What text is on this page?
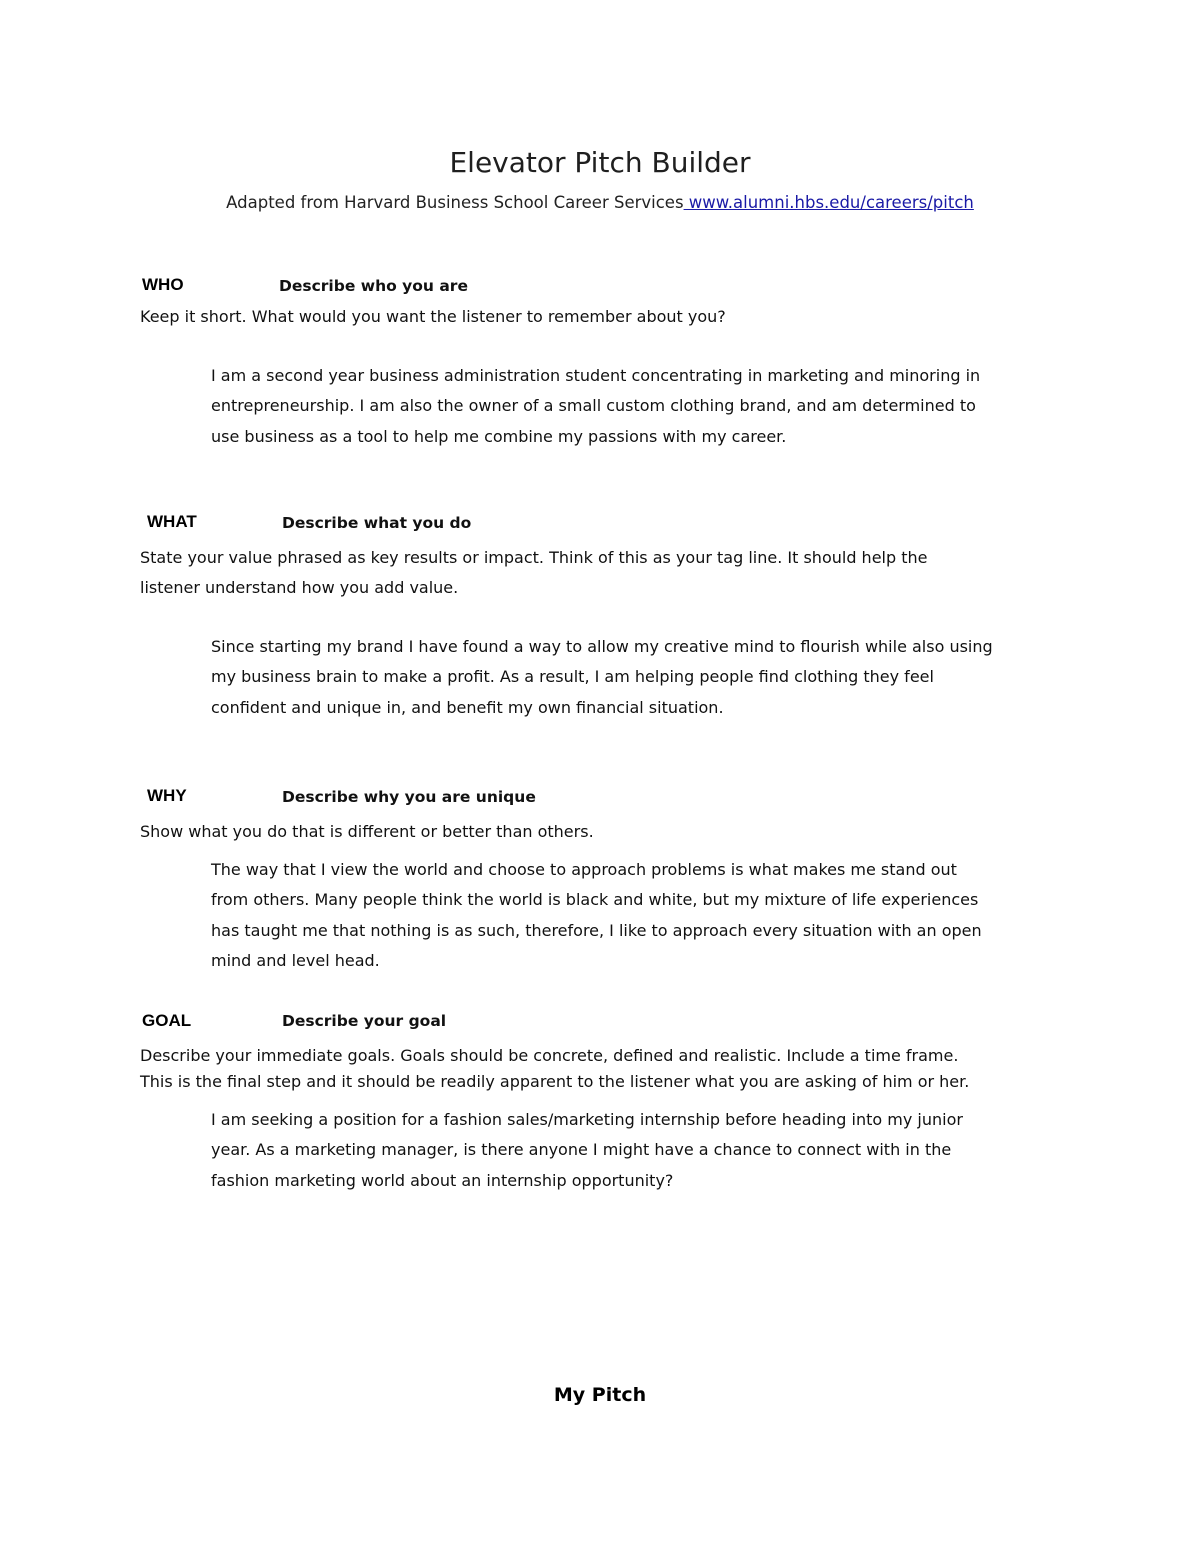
Elevator Pitch Builder
Adapted from Harvard Business School Career Services www.alumni.hbs.edu/careers/pitch
WHO	Describe who you are
Keep it short. What would you want the listener to remember about you?
I am a second year business administration student concentrating in marketing and minoring in
entrepreneurship. I am also the owner of a small custom clothing brand, and am determined to
use business as a tool to help me combine my passions with my career.
WHAT	Describe what you do
State your value phrased as key results or impact. Think of this as your tag line. It should help the
listener understand how you add value.
Since starting my brand I have found a way to allow my creative mind to flourish while also using
my business brain to make a profit. As a result, I am helping people find clothing they feel
confident and unique in, and benefit my own financial situation.
WHY	Describe why you are unique
Show what you do that is different or better than others.
The way that I view the world and choose to approach problems is what makes me stand out
from others. Many people think the world is black and white, but my mixture of life experiences
has taught me that nothing is as such, therefore, I like to approach every situation with an open
mind and level head.
GOAL	Describe your goal
Describe your immediate goals. Goals should be concrete, defined and realistic. Include a time frame.
This is the final step and it should be readily apparent to the listener what you are asking of him or her.
I am seeking a position for a fashion sales/marketing internship before heading into my junior
year. As a marketing manager, is there anyone I might have a chance to connect with in the
fashion marketing world about an internship opportunity?
My Pitch
